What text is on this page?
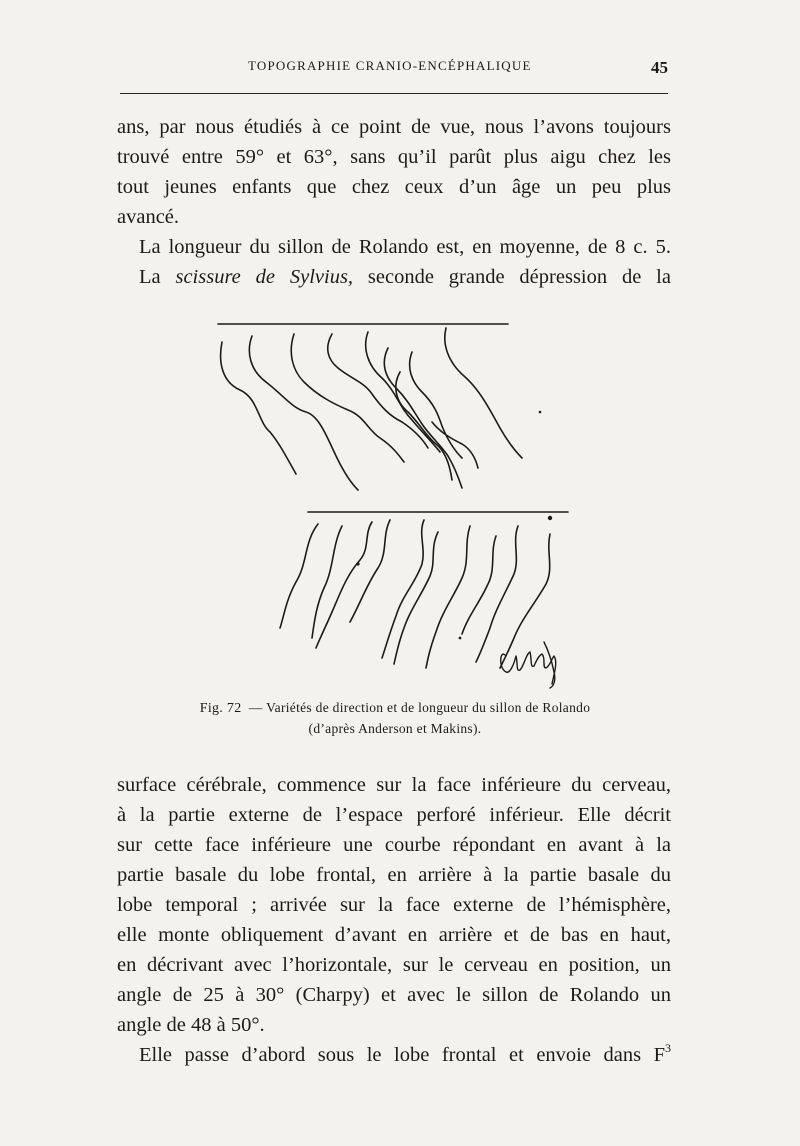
TOPOGRAPHIE CRANIO-ENCÉPHALIQUE	45
ans, par nous étudiés à ce point de vue, nous l’avons toujours
trouvé entre 59° et 63°, sans qu’il parût plus aigu chez les
tout jeunes enfants que chez ceux d’un âge un peu plus
avancé.
La longueur du sillon de Rolando est, en moyenne, de 8 c. 5.
La scissure de Sylvius, seconde grande dépression de la
Fig. 72 — Variétés de direction et de longueur du sillon de Rolando
(d’après Anderson et Makins).
surface cérébrale, commence sur la face inférieure du cerveau,
à la partie externe de l’espace perforé inférieur. Elle décrit
sur cette face inférieure une courbe répondant en avant à la
partie basale du lobe frontal, en arrière à la partie basale du
lobe temporal ; arrivée sur la face externe de l’hémisphère,
elle monte obliquement d’avant en arrière et de bas en haut,
en décrivant avec l’horizontale, sur le cerveau en position, un
angle de 25 à 30° (Charpy) et avec le sillon de Rolando un
angle de 48 à 50°.
Elle passe d’abord sous le lobe frontal et envoie dans $F^3$
